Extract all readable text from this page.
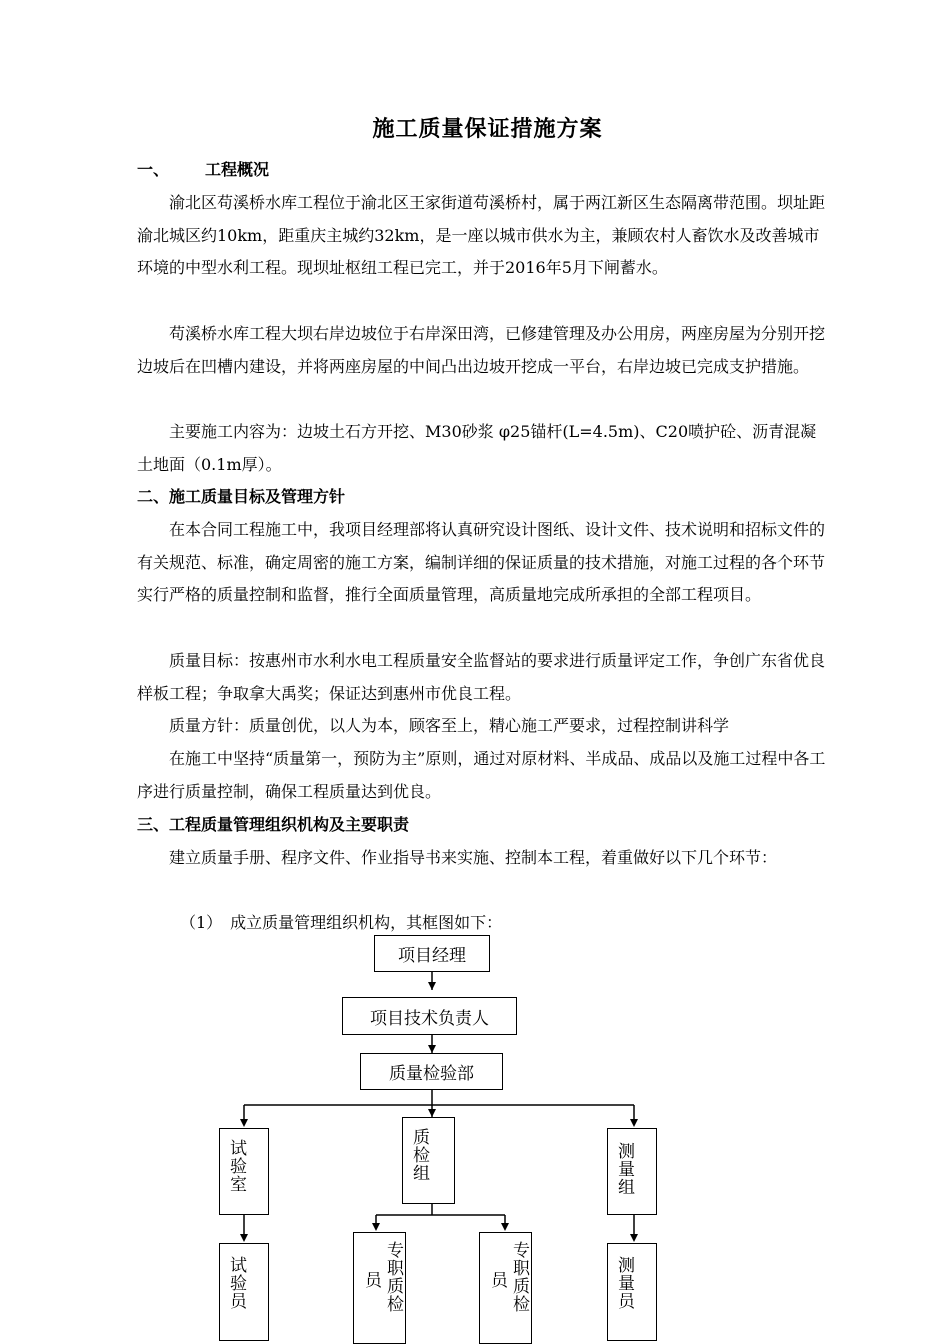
施工质量保证措施方案
一、 工程概况
渝北区苟溪桥水库工程位于渝北区王家街道苟溪桥村，属于两江新区生态隔离带范围。坝址距渝北城区约10km，距重庆主城约32km，是一座以城市供水为主，兼顾农村人畜饮水及改善城市环境的中型水利工程。现坝址枢纽工程已完工，并于2016年5月下闸蓄水。
苟溪桥水库工程大坝右岸边坡位于右岸深田湾，已修建管理及办公用房，两座房屋为分别开挖边坡后在凹槽内建设，并将两座房屋的中间凸出边坡开挖成一平台，右岸边坡已完成支护措施。
主要施工内容为：边坡土石方开挖、M30砂浆 φ25锚杆(L=4.5m)、C20喷护砼、沥青混凝土地面（0.1m厚）。
二、施工质量目标及管理方针
在本合同工程施工中，我项目经理部将认真研究设计图纸、设计文件、技术说明和招标文件的有关规范、标准，确定周密的施工方案，编制详细的保证质量的技术措施，对施工过程的各个环节实行严格的质量控制和监督，推行全面质量管理，高质量地完成所承担的全部工程项目。
质量目标：按惠州市水利水电工程质量安全监督站的要求进行质量评定工作，争创广东省优良样板工程；争取拿大禹奖；保证达到惠州市优良工程。
质量方针：质量创优，以人为本，顾客至上，精心施工严要求，过程控制讲科学
在施工中坚持“质量第一，预防为主”原则，通过对原材料、半成品、成品以及施工过程中各工序进行质量控制，确保工程质量达到优良。
三、工程质量管理组织机构及主要职责
建立质量手册、程序文件、作业指导书来实施、控制本工程，着重做好以下几个环节：
（1）　成立质量管理组织机构，其框图如下：
项目经理
项目技术负责人
质量检验部
试验室	质检组	测量组
试验员	专职质检
员	专职质检
员	测量员
